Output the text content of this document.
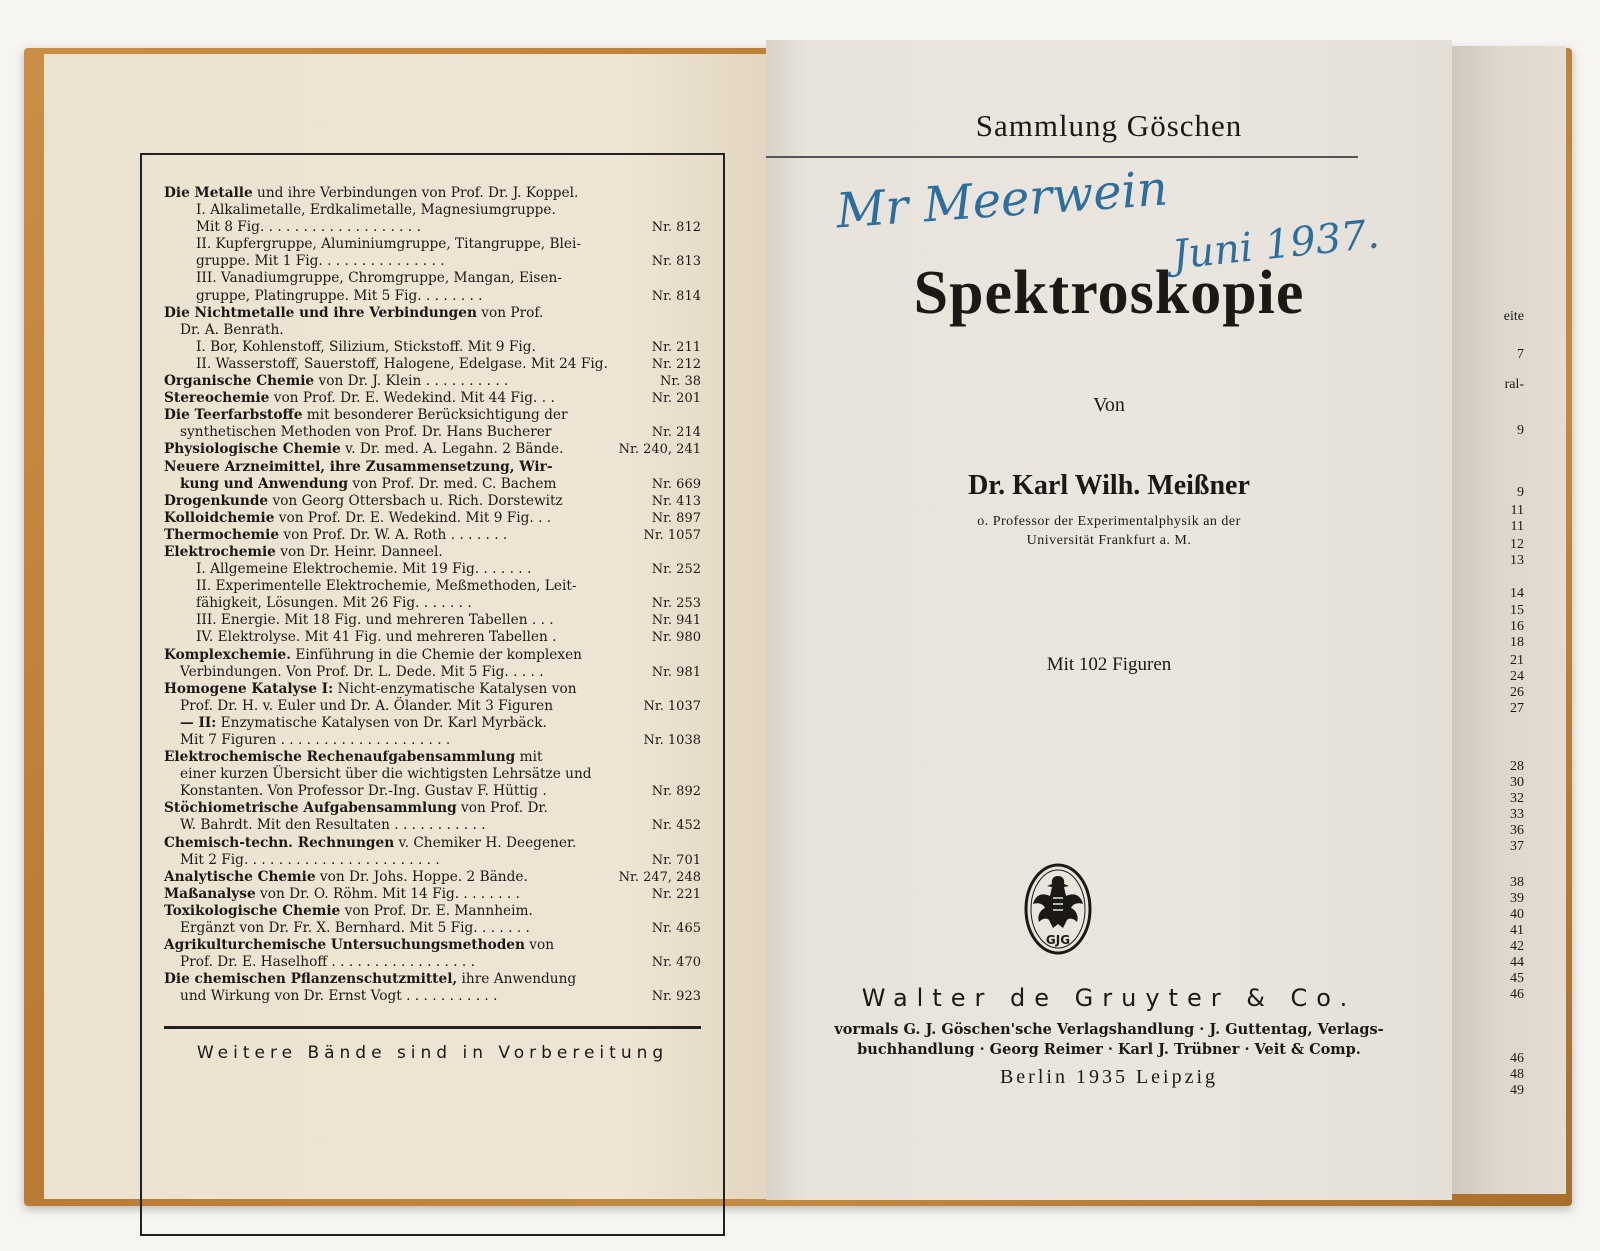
Die Metalle und ihre Verbindungen von Prof. Dr. J. Koppel.
I. Alkalimetalle, Erdkalimetalle, Magnesiumgruppe.
Mit 8 Fig. . . . . . . . . . . . . . . . . . .	Nr. 812
II. Kupfergruppe, Aluminiumgruppe, Titangruppe, Blei-
gruppe. Mit 1 Fig. . . . . . . . . . . . . . .	Nr. 813
III. Vanadiumgruppe, Chromgruppe, Mangan, Eisen-
gruppe, Platingruppe. Mit 5 Fig. . . . . . . .	Nr. 814
Die Nichtmetalle und ihre Verbindungen von Prof.
Dr. A. Benrath.
I. Bor, Kohlenstoff, Silizium, Stickstoff. Mit 9 Fig.	Nr. 211
II. Wasserstoff, Sauerstoff, Halogene, Edelgase. Mit 24 Fig.	Nr. 212
Organische Chemie von Dr. J. Klein . . . . . . . . . .	Nr. 38
Stereochemie von Prof. Dr. E. Wedekind. Mit 44 Fig. . .	Nr. 201
Die Teerfarbstoffe mit besonderer Berücksichtigung der
synthetischen Methoden von Prof. Dr. Hans Bucherer	Nr. 214
Physiologische Chemie v. Dr. med. A. Legahn. 2 Bände.	Nr. 240, 241
Neuere Arzneimittel, ihre Zusammensetzung, Wir-
kung und Anwendung von Prof. Dr. med. C. Bachem	Nr. 669
Drogenkunde von Georg Ottersbach u. Rich. Dorstewitz	Nr. 413
Kolloidchemie von Prof. Dr. E. Wedekind. Mit 9 Fig. . .	Nr. 897
Thermochemie von Prof. Dr. W. A. Roth . . . . . . .	Nr. 1057
Elektrochemie von Dr. Heinr. Danneel.
I. Allgemeine Elektrochemie. Mit 19 Fig. . . . . . .	Nr. 252
II. Experimentelle Elektrochemie, Meßmethoden, Leit-
fähigkeit, Lösungen. Mit 26 Fig. . . . . . .	Nr. 253
III. Energie. Mit 18 Fig. und mehreren Tabellen . . .	Nr. 941
IV. Elektrolyse. Mit 41 Fig. und mehreren Tabellen .	Nr. 980
Komplexchemie. Einführung in die Chemie der komplexen
Verbindungen. Von Prof. Dr. L. Dede. Mit 5 Fig. . . . .	Nr. 981
Homogene Katalyse I: Nicht-enzymatische Katalysen von
Prof. Dr. H. v. Euler und Dr. A. Ölander. Mit 3 Figuren	Nr. 1037
— II: Enzymatische Katalysen von Dr. Karl Myrbäck.
Mit 7 Figuren . . . . . . . . . . . . . . . . . . . .	Nr. 1038
Elektrochemische Rechenaufgabensammlung mit
einer kurzen Übersicht über die wichtigsten Lehrsätze und
Konstanten. Von Professor Dr.-Ing. Gustav F. Hüttig .	Nr. 892
Stöchiometrische Aufgabensammlung von Prof. Dr.
W. Bahrdt. Mit den Resultaten . . . . . . . . . . .	Nr. 452
Chemisch-techn. Rechnungen v. Chemiker H. Deegener.
Mit 2 Fig. . . . . . . . . . . . . . . . . . . . . . .	Nr. 701
Analytische Chemie von Dr. Johs. Hoppe. 2 Bände.	Nr. 247, 248
Maßanalyse von Dr. O. Röhm. Mit 14 Fig. . . . . . . .	Nr. 221
Toxikologische Chemie von Prof. Dr. E. Mannheim.
Ergänzt von Dr. Fr. X. Bernhard. Mit 5 Fig. . . . . . .	Nr. 465
Agrikulturchemische Untersuchungsmethoden von
Prof. Dr. E. Haselhoff . . . . . . . . . . . . . . . . .	Nr. 470
Die chemischen Pflanzenschutzmittel, ihre Anwendung
und Wirkung von Dr. Ernst Vogt . . . . . . . . . . .	Nr. 923
Weitere Bände sind in Vorbereitung
eite
7
ral-
9
9
11
11
12
13
14
15
16
18
21
24
26
27
28
30
32
33
36
37
38
39
40
41
42
44
45
46
46
48
49
Sammlung Göschen
Mr Meerwein
Juni 1937.
Spektroskopie
Von
Dr. Karl Wilh. Meißner
o. Professor der Experimentalphysik an der
Universität Frankfurt a. M.
Mit 102 Figuren
GJG
Walter de Gruyter & Co.
vormals G. J. Göschen'sche Verlagshandlung · J. Guttentag, Verlags-
buchhandlung · Georg Reimer · Karl J. Trübner · Veit & Comp.
Berlin 1935 Leipzig
